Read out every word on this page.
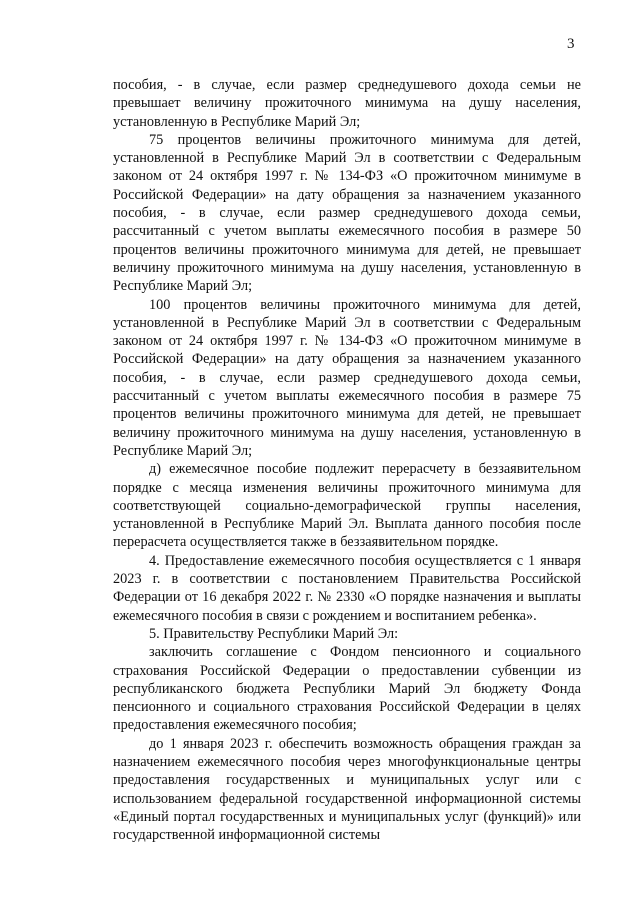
3

пособия, - в случае, если размер среднедушевого дохода семьи не превышает величину прожиточного минимума на душу населения, установленную в Республике Марий Эл;

75 процентов величины прожиточного минимума для детей, установленной в Республике Марий Эл в соответствии с Федеральным законом от 24 октября 1997 г. № 134-ФЗ «О прожиточном минимуме в Российской Федерации» на дату обращения за назначением указанного пособия, - в случае, если размер среднедушевого дохода семьи, рассчитанный с учетом выплаты ежемесячного пособия в размере 50 процентов величины прожиточного минимума для детей, не превышает величину прожиточного минимума на душу населения, установленную в Республике Марий Эл;

100 процентов величины прожиточного минимума для детей, установленной в Республике Марий Эл в соответствии с Федеральным законом от 24 октября 1997 г. № 134-ФЗ «О прожиточном минимуме в Российской Федерации» на дату обращения за назначением указанного пособия, - в случае, если размер среднедушевого дохода семьи, рассчитанный с учетом выплаты ежемесячного пособия в размере 75 процентов величины прожиточного минимума для детей, не превышает величину прожиточного минимума на душу населения, установленную в Республике Марий Эл;

д) ежемесячное пособие подлежит перерасчету в беззаявительном порядке с месяца изменения величины прожиточного минимума для соответствующей социально-демографической группы населения, установленной в Республике Марий Эл. Выплата данного пособия после перерасчета осуществляется также в беззаявительном порядке.

4. Предоставление ежемесячного пособия осуществляется с 1 января 2023 г. в соответствии с постановлением Правительства Российской Федерации от 16 декабря 2022 г. № 2330 «О порядке назначения и выплаты ежемесячного пособия в связи с рождением и воспитанием ребенка».

5. Правительству Республики Марий Эл:

заключить соглашение с Фондом пенсионного и социального страхования Российской Федерации о предоставлении субвенции из республиканского бюджета Республики Марий Эл бюджету Фонда пенсионного и социального страхования Российской Федерации в целях предоставления ежемесячного пособия;

до 1 января 2023 г. обеспечить возможность обращения граждан за назначением ежемесячного пособия через многофункциональные центры предоставления государственных и муниципальных услуг или с использованием федеральной государственной информационной системы «Единый портал государственных и муниципальных услуг (функций)» или государственной информационной системы
